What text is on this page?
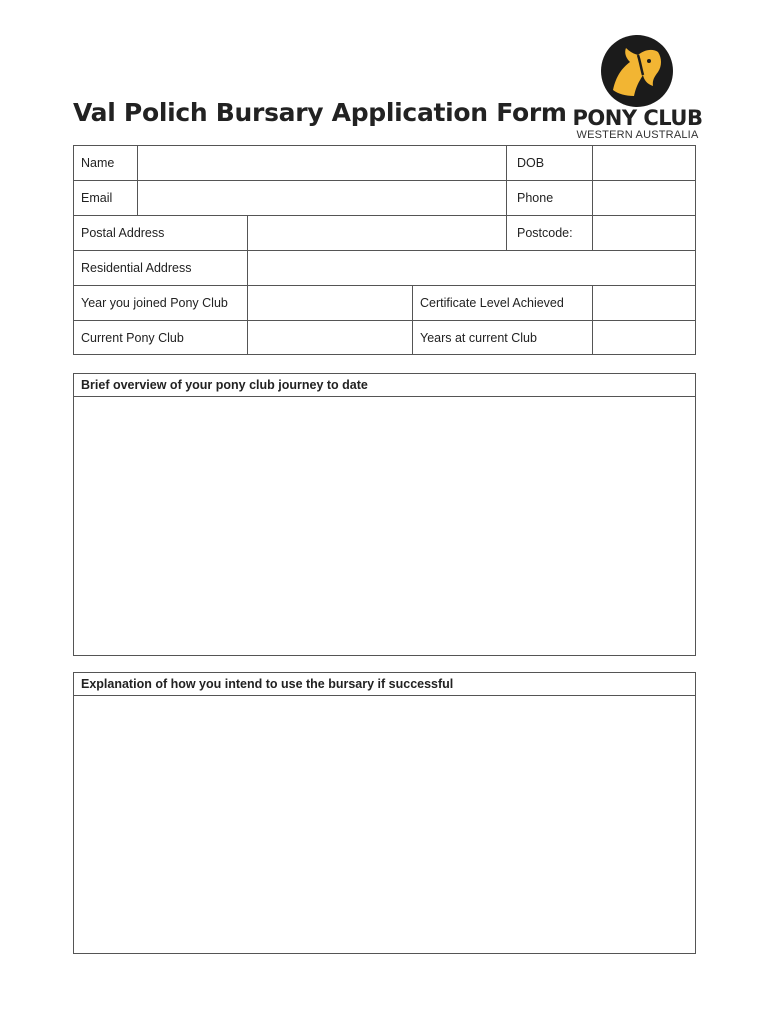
Val Polich Bursary Application Form PONY CLUB
WESTERN AUSTRALIA
Name	DOB
Email	Phone
Postal Address	Postcode:
Residential Address
Year you joined Pony Club	Certificate Level Achieved
Current Pony Club	Years at current Club
Brief overview of your pony club journey to date
Explanation of how you intend to use the bursary if successful
